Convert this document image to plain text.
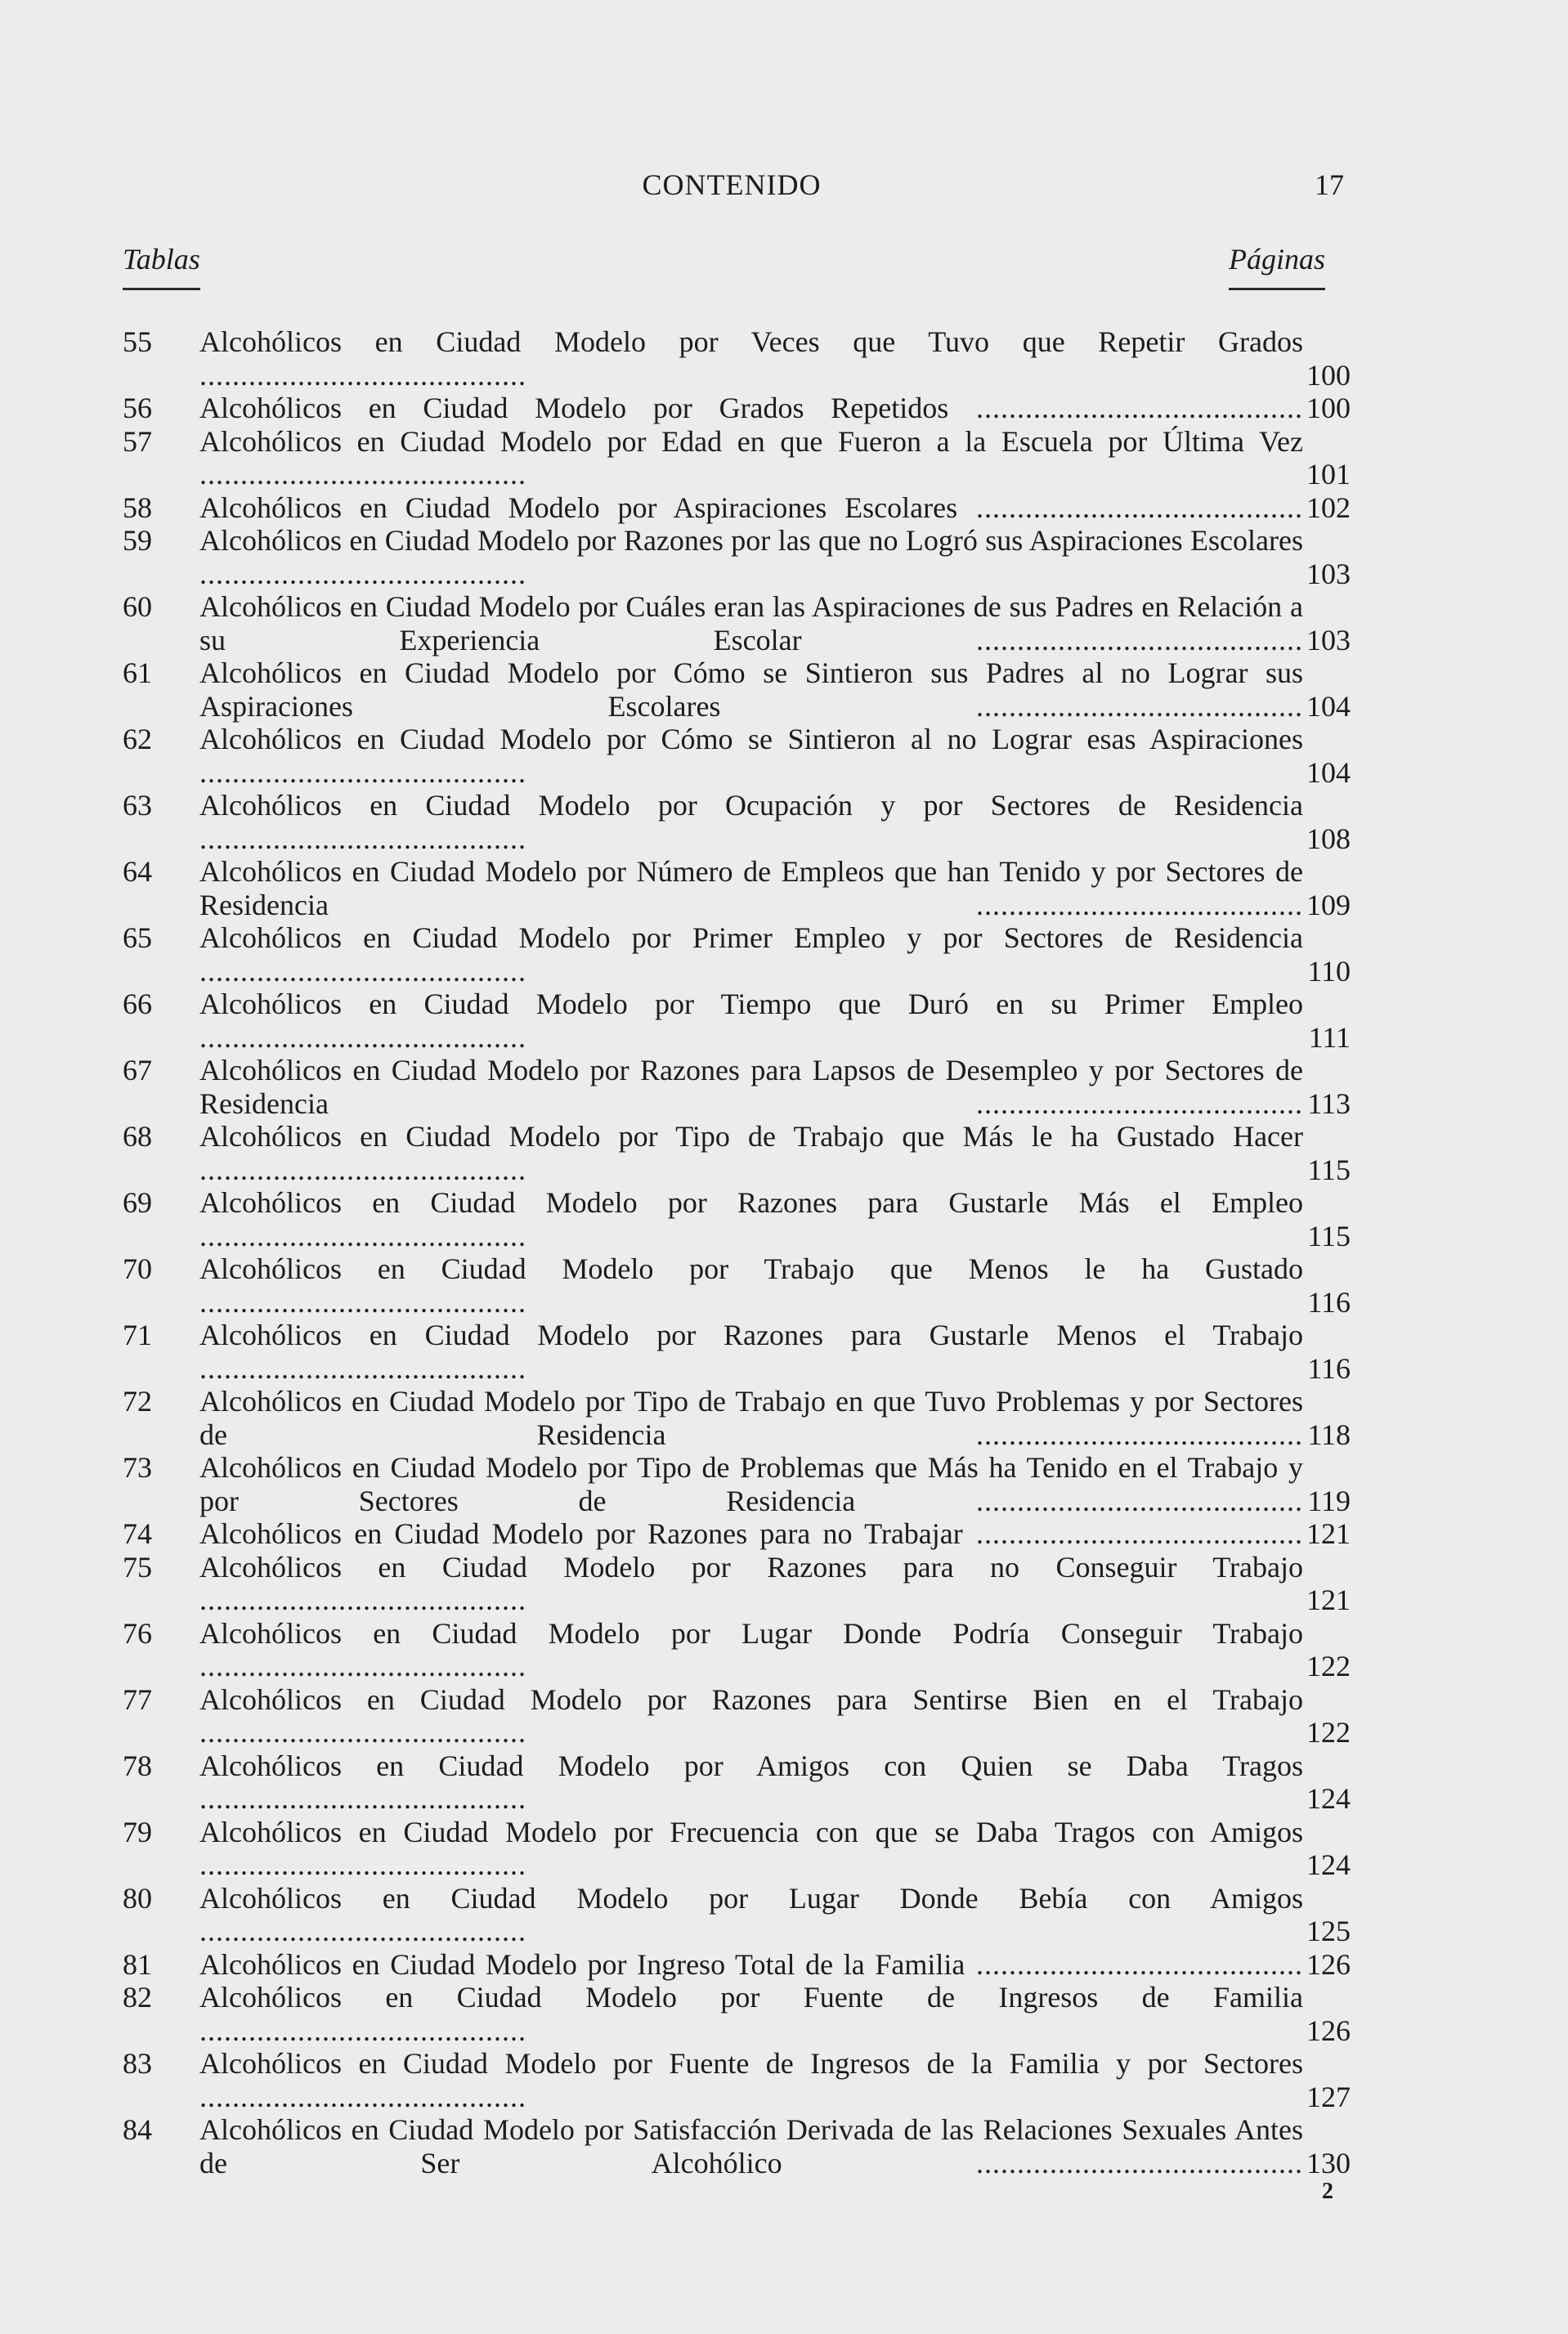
CONTENIDO	17
Tablas	Páginas
55	Alcohólicos en Ciudad Modelo por Veces que Tuvo que Repetir Grados ........................................	100
56	Alcohólicos en Ciudad Modelo por Grados Repetidos ........................................ 100
57	Alcohólicos en Ciudad Modelo por Edad en que Fueron a la Escuela por Última Vez ........................................	101
58	Alcohólicos en Ciudad Modelo por Aspiraciones Escolares ........................................ 102
59	Alcohólicos en Ciudad Modelo por Razones por las que no Logró sus Aspiraciones Escolares ........................................	103
60	Alcohólicos en Ciudad Modelo por Cuáles eran las Aspiraciones de sus Padres en Relación a su Experiencia Escolar ........................................ 103
61	Alcohólicos en Ciudad Modelo por Cómo se Sintieron sus Padres al no Lograr sus Aspiraciones Escolares ........................................ 104
62	Alcohólicos en Ciudad Modelo por Cómo se Sintieron al no Lograr esas Aspiraciones ........................................	104
63	Alcohólicos en Ciudad Modelo por Ocupación y por Sectores de Residencia ........................................	108
64	Alcohólicos en Ciudad Modelo por Número de Empleos que han Tenido y por Sectores de Residencia ........................................ 109
65	Alcohólicos en Ciudad Modelo por Primer Empleo y por Sectores de Residencia ........................................	110
66	Alcohólicos en Ciudad Modelo por Tiempo que Duró en su Primer Empleo ........................................	111
67	Alcohólicos en Ciudad Modelo por Razones para Lapsos de Desempleo y por Sectores de Residencia ........................................ 113
68	Alcohólicos en Ciudad Modelo por Tipo de Trabajo que Más le ha Gustado Hacer ........................................	115
69	Alcohólicos en Ciudad Modelo por Razones para Gustarle Más el Empleo ........................................	115
70	Alcohólicos en Ciudad Modelo por Trabajo que Menos le ha Gustado ........................................	116
71	Alcohólicos en Ciudad Modelo por Razones para Gustarle Menos el Trabajo ........................................	116
72	Alcohólicos en Ciudad Modelo por Tipo de Trabajo en que Tuvo Problemas y por Sectores de Residencia ........................................ 118
73	Alcohólicos en Ciudad Modelo por Tipo de Problemas que Más ha Tenido en el Trabajo y por Sectores de Residencia ........................................ 119
74	Alcohólicos en Ciudad Modelo por Razones para no Trabajar ........................................ 121
75	Alcohólicos en Ciudad Modelo por Razones para no Conseguir Trabajo ........................................	121
76	Alcohólicos en Ciudad Modelo por Lugar Donde Podría Conseguir Trabajo ........................................	122
77	Alcohólicos en Ciudad Modelo por Razones para Sentirse Bien en el Trabajo ........................................	122
78	Alcohólicos en Ciudad Modelo por Amigos con Quien se Daba Tragos ........................................	124
79	Alcohólicos en Ciudad Modelo por Frecuencia con que se Daba Tragos con Amigos ........................................	124
80	Alcohólicos en Ciudad Modelo por Lugar Donde Bebía con Amigos ........................................	125
81	Alcohólicos en Ciudad Modelo por Ingreso Total de la Familia ........................................ 126
82	Alcohólicos en Ciudad Modelo por Fuente de Ingresos de Familia ........................................	126
83	Alcohólicos en Ciudad Modelo por Fuente de Ingresos de la Familia y por Sectores ........................................	127
84	Alcohólicos en Ciudad Modelo por Satisfacción Derivada de las Relaciones Sexuales Antes de Ser Alcohólico ........................................ 130
2
